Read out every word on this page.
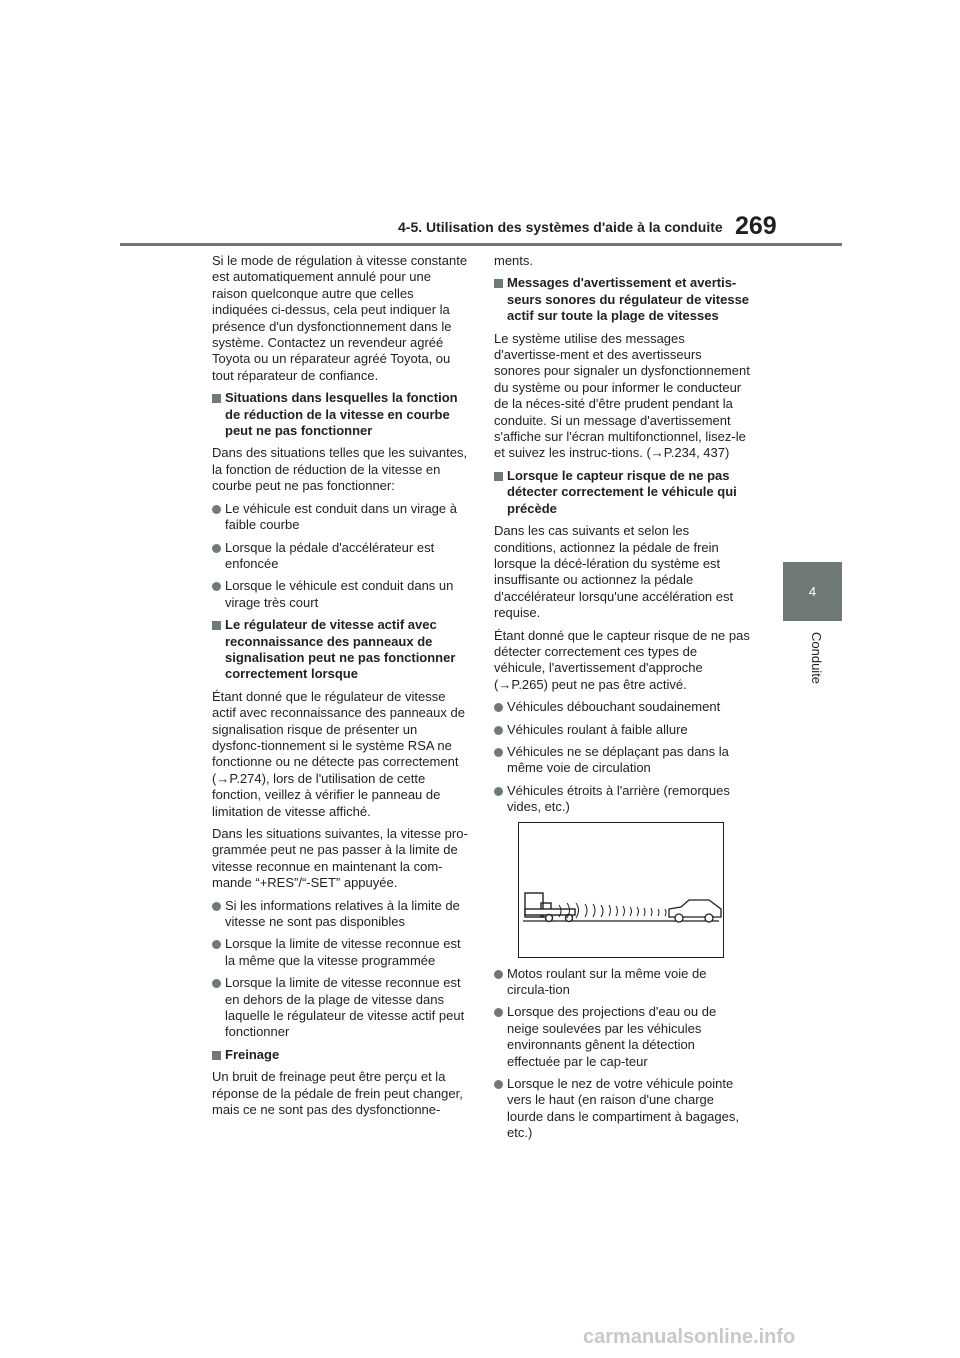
4-5. Utilisation des systèmes d'aide à la conduite 269
4
Conduite

Si le mode de régulation à vitesse constante est automatiquement annulé pour une raison quelconque autre que celles indiquées ci-dessus, cela peut indiquer la présence d'un dysfonctionnement dans le système. Contactez un revendeur agréé Toyota ou un réparateur agréé Toyota, ou tout réparateur de confiance.

Situations dans lesquelles la fonction de réduction de la vitesse en courbe peut ne pas fonctionner

Dans des situations telles que les suivantes, la fonction de réduction de la vitesse en courbe peut ne pas fonctionner:

Le véhicule est conduit dans un virage à faible courbe
Lorsque la pédale d'accélérateur est enfoncée
Lorsque le véhicule est conduit dans un virage très court
Le régulateur de vitesse actif avec reconnaissance des panneaux de signalisation peut ne pas fonctionner correctement lorsque

Étant donné que le régulateur de vitesse actif avec reconnaissance des panneaux de signalisation risque de présenter un dysfonc-tionnement si le système RSA ne fonctionne ou ne détecte pas correctement (→P.274), lors de l'utilisation de cette fonction, veillez à vérifier le panneau de limitation de vitesse affiché.

Dans les situations suivantes, la vitesse pro-grammée peut ne pas passer à la limite de vitesse reconnue en maintenant la com-mande “+RES”/“-SET” appuyée.

Si les informations relatives à la limite de vitesse ne sont pas disponibles
Lorsque la limite de vitesse reconnue est la même que la vitesse programmée
Lorsque la limite de vitesse reconnue est en dehors de la plage de vitesse dans laquelle le régulateur de vitesse actif peut fonctionner
Freinage

Un bruit de freinage peut être perçu et la réponse de la pédale de frein peut changer, mais ce ne sont pas des dysfonctionne-

ments.

Messages d'avertissement et avertis-seurs sonores du régulateur de vitesse actif sur toute la plage de vitesses

Le système utilise des messages d'avertisse-ment et des avertisseurs sonores pour signaler un dysfonctionnement du système ou pour informer le conducteur de la néces-sité d'être prudent pendant la conduite. Si un message d'avertissement s'affiche sur l'écran multifonctionnel, lisez-le et suivez les instruc-tions. (→P.234, 437)

Lorsque le capteur risque de ne pas détecter correctement le véhicule qui précède

Dans les cas suivants et selon les conditions, actionnez la pédale de frein lorsque la décé-lération du système est insuffisante ou actionnez la pédale d'accélérateur lorsqu'une accélération est requise.

Étant donné que le capteur risque de ne pas détecter correctement ces types de véhicule, l'avertissement d'approche (→P.265) peut ne pas être activé.

Véhicules débouchant soudainement
Véhicules roulant à faible allure
Véhicules ne se déplaçant pas dans la même voie de circulation
Véhicules étroits à l'arrière (remorques vides, etc.)
Motos roulant sur la même voie de circula-tion
Lorsque des projections d'eau ou de neige soulevées par les véhicules environnants gênent la détection effectuée par le cap-teur
Lorsque le nez de votre véhicule pointe vers le haut (en raison d'une charge lourde dans le compartiment à bagages, etc.)
carmanualsonline.info
